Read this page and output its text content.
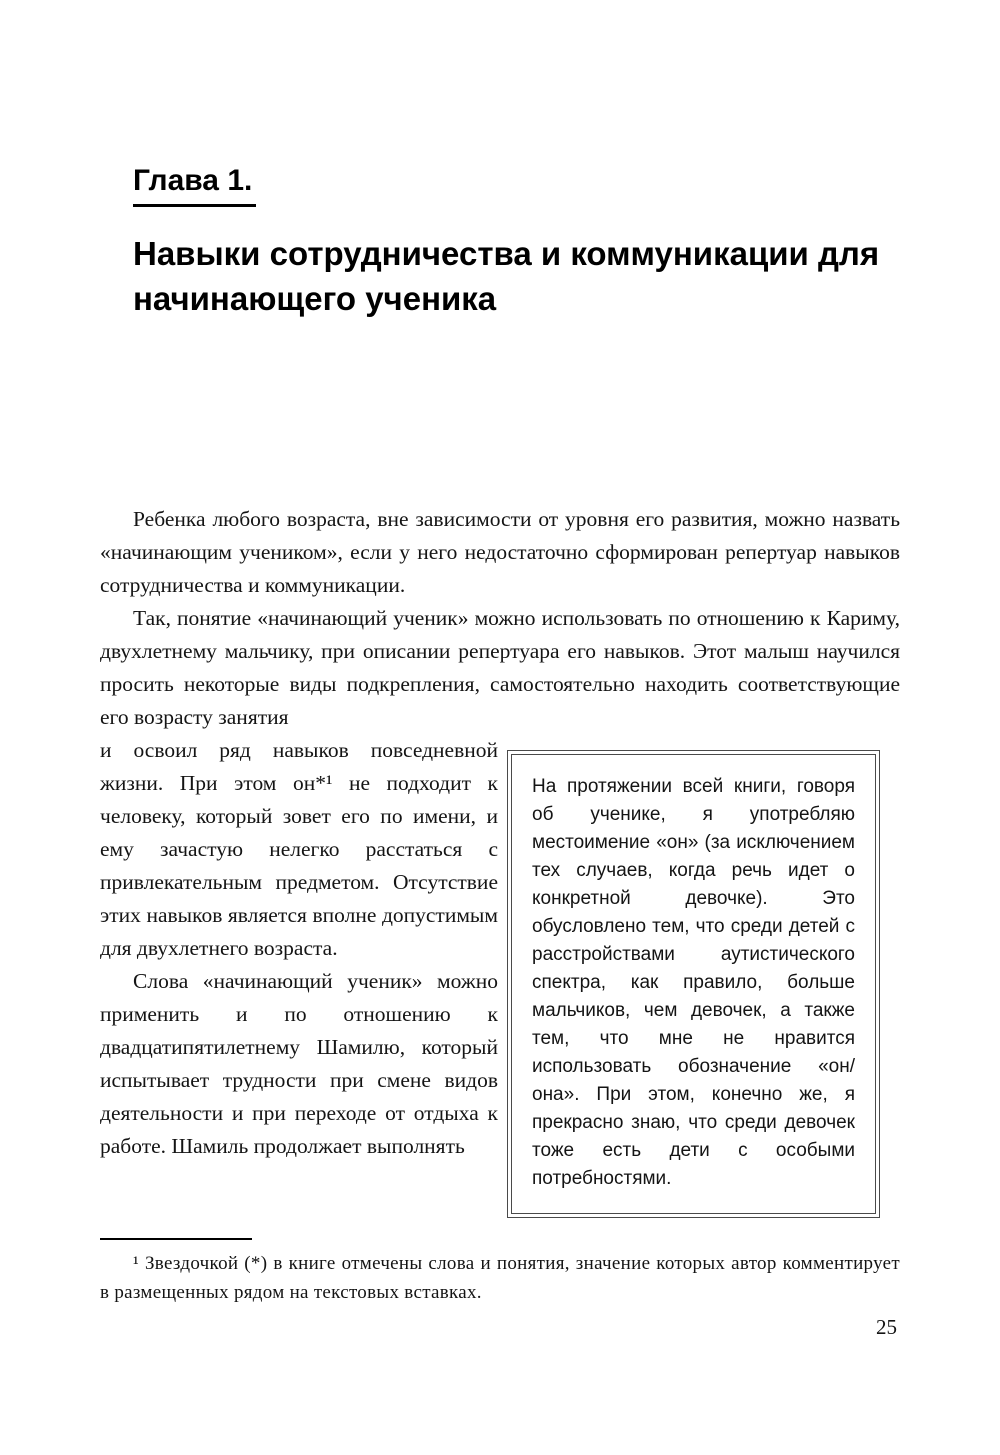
Глава 1.
Навыки сотрудничества и коммуникации для начинающего ученика

Ребенка любого возраста, вне зависимости от уровня его развития, можно назвать «начинающим учеником», если у него недостаточно сформирован репертуар навыков сотрудничества и коммуникации.

Так, понятие «начинающий ученик» можно использовать по отношению к Кариму, двухлетнему мальчику, при описании репертуара его навыков. Этот малыш научился просить некоторые виды подкрепления, самостоятельно находить соответствующие его возрасту занятия

и освоил ряд навыков повседневной жизни. При этом он*¹ не подходит к человеку, который зовет его по имени, и ему зачастую нелегко расстаться с привлекательным предметом. Отсутствие этих навыков является вполне допустимым для двухлетнего возраста.

Слова «начинающий ученик» можно применить и по отношению к двадцатипятилетнему Шамилю, который испытывает трудности при смене видов деятельности и при переходе от отдыха к работе. Шамиль продолжает выполнять

На протяжении всей книги, говоря об ученике, я употребляю местоимение «он» (за исключением тех случаев, когда речь идет о конкретной девочке). Это обусловлено тем, что среди детей с расстройствами аутистического спектра, как правило, больше мальчиков, чем девочек, а также тем, что мне не нравится использовать обозначение «он/она». При этом, конечно же, я прекрасно знаю, что среди девочек тоже есть дети с особыми потребностями.

¹ Звездочкой (*) в книге отмечены слова и понятия, значение которых автор комментирует в размещенных рядом на текстовых вставках.

25
